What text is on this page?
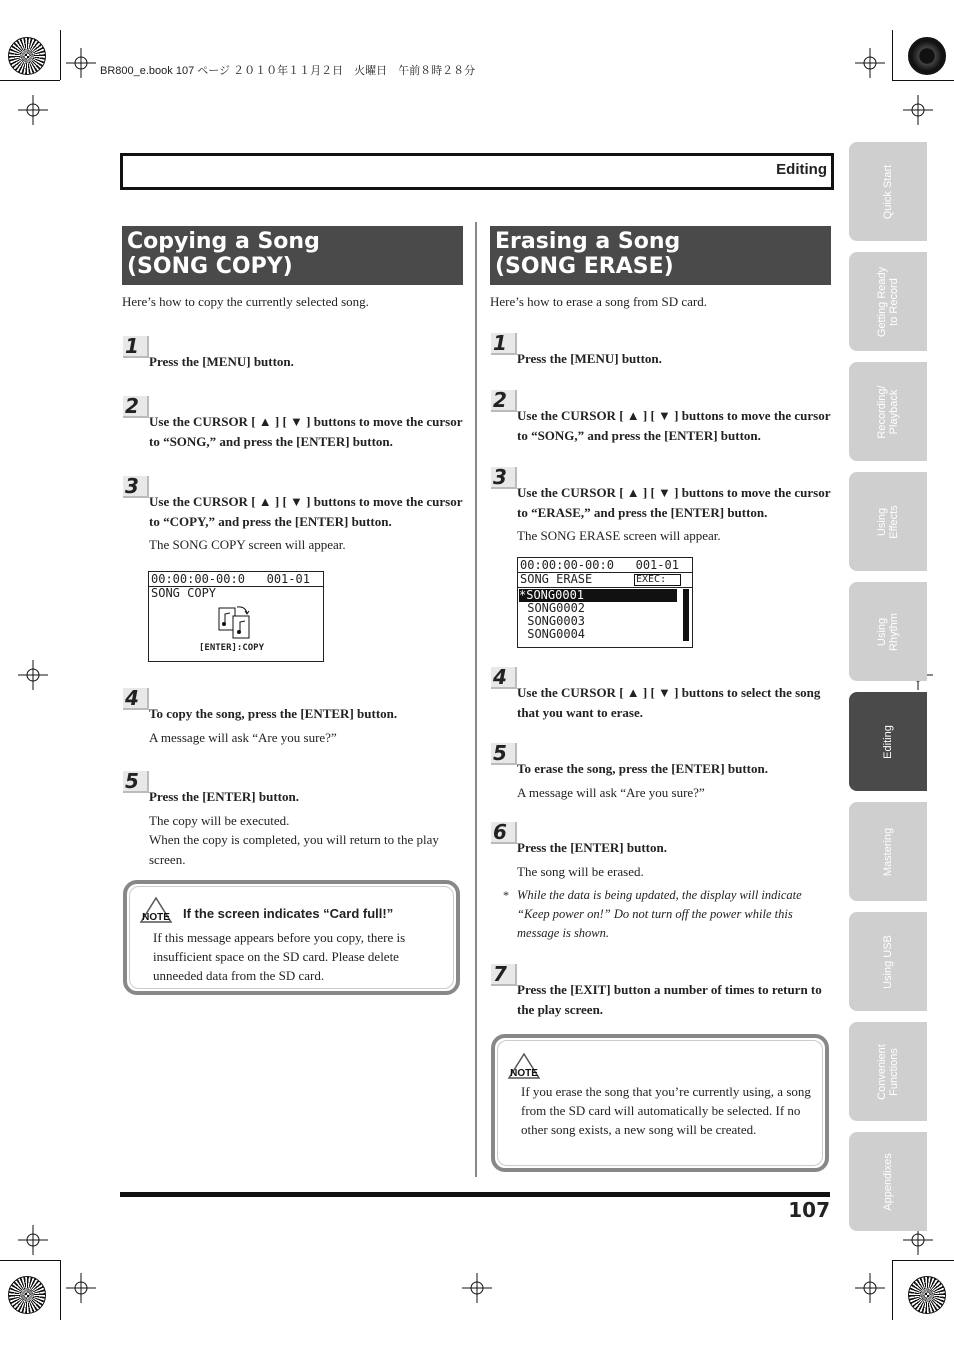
BR800_e.book 107 ページ ２０１０年１１月２日　火曜日　午前８時２８分
Editing	Quick Start
Getting Ready
to Record
Recording/
Playback
Using
Effects
Using
Rhythm
Editing
Mastering
Using USB
Convenient
Functions
Appendixes
Copying a Song
(SONG COPY)
Here’s how to copy the currently selected song.
1
Press the [MENU] button.
2
Use the CURSOR [ ▲ ] [ ▼ ] buttons to move the cursor to “SONG,” and press the [ENTER] button.
3
Use the CURSOR [ ▲ ] [ ▼ ] buttons to move the cursor to “COPY,” and press the [ENTER] button.

The SONG COPY screen will appear.

00:00:00-00:0   001-01
SONG COPY
[ENTER]:COPY
4
To copy the song, press the [ENTER] button.

A message will ask “Are you sure?”

5
Press the [ENTER] button.

The copy will be executed.

When the copy is completed, you will return to the play screen.

NOTE If the screen indicates “Card full!”
If this message appears before you copy, there is insufficient space on the SD card. Please delete unneeded data from the SD card.
Erasing a Song
(SONG ERASE)
Here’s how to erase a song from SD card.
1
Press the [MENU] button.
2
Use the CURSOR [ ▲ ] [ ▼ ] buttons to move the cursor to “SONG,” and press the [ENTER] button.
3
Use the CURSOR [ ▲ ] [ ▼ ] buttons to move the cursor to “ERASE,” and press the [ENTER] button.

The SONG ERASE screen will appear.

00:00:00-00:0   001-01
SONG ERASE	EXEC:
*SONG0001
SONG0002
SONG0003
SONG0004
4
Use the CURSOR [ ▲ ] [ ▼ ] buttons to select the song that you want to erase.
5
To erase the song, press the [ENTER] button.

A message will ask “Are you sure?”

6
Press the [ENTER] button.

The song will be erased.

* While the data is being updated, the display will indicate “Keep power on!” Do not turn off the power while this message is shown.
7
Press the [EXIT] button a number of times to return to the play screen.
NOTE
If you erase the song that you’re currently using, a song from the SD card will automatically be selected. If no other song exists, a new song will be created.
107
